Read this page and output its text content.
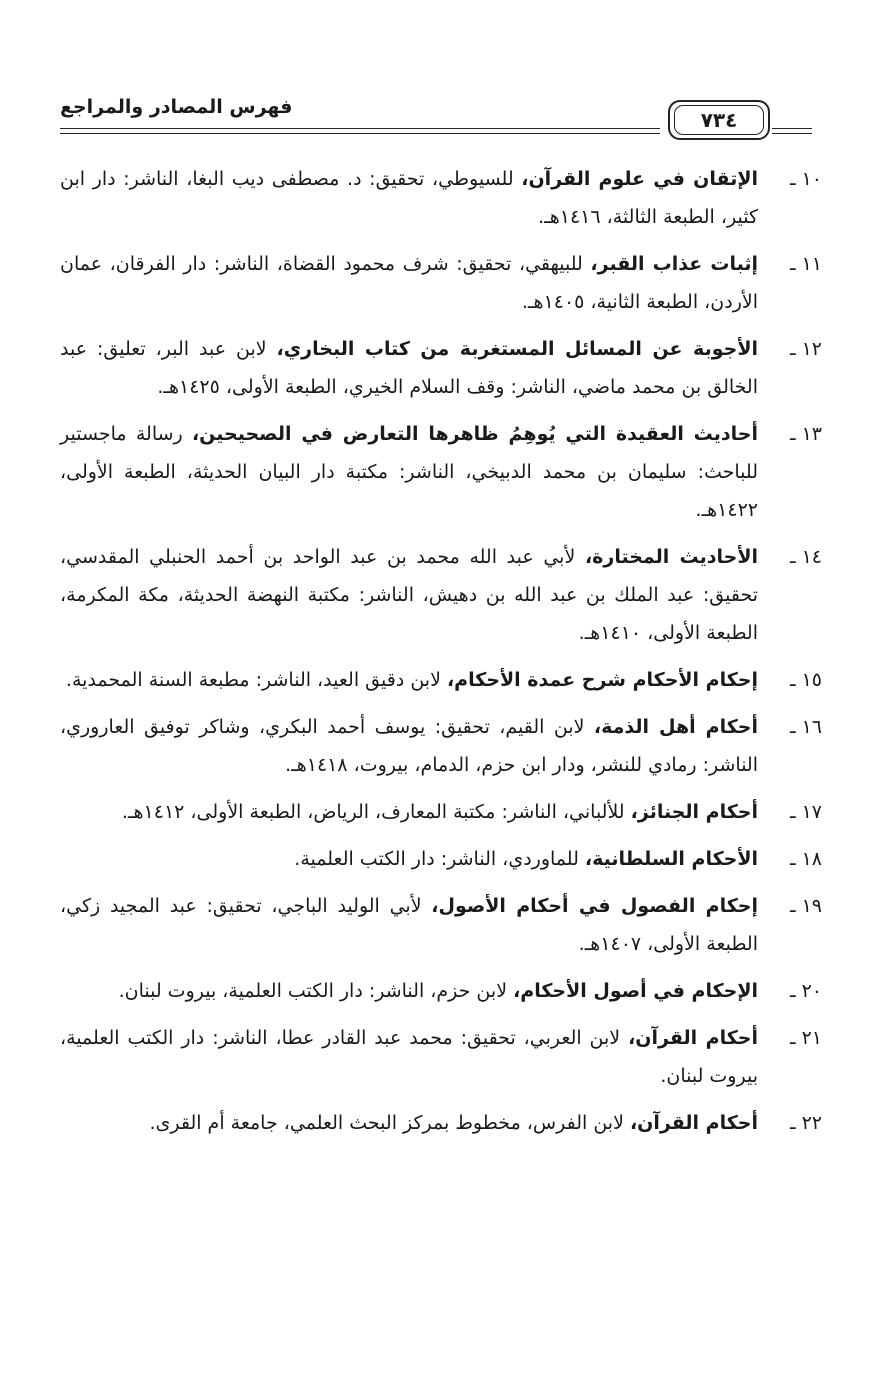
فهرس المصادر والمراجع
٧٣٤
١٠ ـ
الإتقان في علوم القرآن، للسيوطي، تحقيق: د. مصطفى ديب البغا، الناشر: دار ابن كثير، الطبعة الثالثة، ١٤١٦هـ.
١١ ـ
إثبات عذاب القبر، للبيهقي، تحقيق: شرف محمود القضاة، الناشر: دار الفرقان، عمان الأردن، الطبعة الثانية، ١٤٠٥هـ.
١٢ ـ
الأجوبة عن المسائل المستغربة من كتاب البخاري، لابن عبد البر، تعليق: عبد الخالق بن محمد ماضي، الناشر: وقف السلام الخيري، الطبعة الأولى، ١٤٢٥هـ.
١٣ ـ
أحاديث العقيدة التي يُوهِمُ ظاهرها التعارض في الصحيحين، رسالة ماجستير للباحث: سليمان بن محمد الدبيخي، الناشر: مكتبة دار البيان الحديثة، الطبعة الأولى، ١٤٢٢هـ.
١٤ ـ
الأحاديث المختارة، لأبي عبد الله محمد بن عبد الواحد بن أحمد الحنبلي المقدسي، تحقيق: عبد الملك بن عبد الله بن دهيش، الناشر: مكتبة النهضة الحديثة، مكة المكرمة، الطبعة الأولى، ١٤١٠هـ.
١٥ ـ
إحكام الأحكام شرح عمدة الأحكام، لابن دقيق العيد، الناشر: مطبعة السنة المحمدية.
١٦ ـ
أحكام أهل الذمة، لابن القيم، تحقيق: يوسف أحمد البكري، وشاكر توفيق العاروري، الناشر: رمادي للنشر، ودار ابن حزم، الدمام، بيروت، ١٤١٨هـ.
١٧ ـ
أحكام الجنائز، للألباني، الناشر: مكتبة المعارف، الرياض، الطبعة الأولى، ١٤١٢هـ.
١٨ ـ
الأحكام السلطانية، للماوردي، الناشر: دار الكتب العلمية.
١٩ ـ
إحكام الفصول في أحكام الأصول، لأبي الوليد الباجي، تحقيق: عبد المجيد زكي، الطبعة الأولى، ١٤٠٧هـ.
٢٠ ـ
الإحكام في أصول الأحكام، لابن حزم، الناشر: دار الكتب العلمية، بيروت لبنان.
٢١ ـ
أحكام القرآن، لابن العربي، تحقيق: محمد عبد القادر عطا، الناشر: دار الكتب العلمية، بيروت لبنان.
٢٢ ـ
أحكام القرآن، لابن الفرس، مخطوط بمركز البحث العلمي، جامعة أم القرى.
